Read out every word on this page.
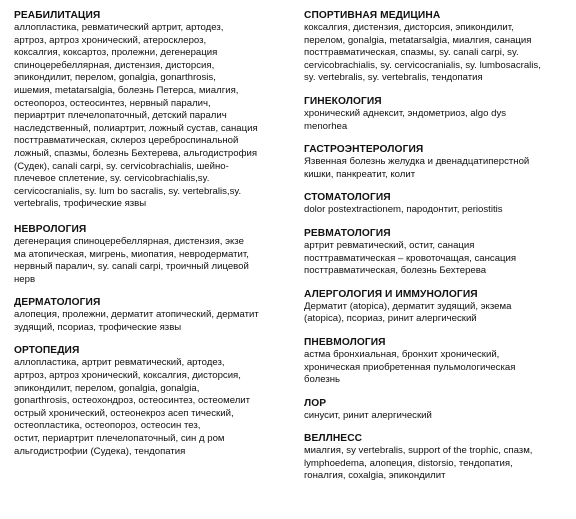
РЕАБИЛИТАЦИЯ

аллопластика, ревматический артрит, артодез,
артроз, артроз хронический, атеросклероз,
коксалгия, коксартоз, пролежни, дегенерация
спиноцеребеллярная, дистензия, дисторсия,
эпикондилит, перелом, gonalgia, gonarthrosis,
ишемия, metatarsalgia, болезнь Петерса, миалгия,
остеопороз, остеосинтез, нервный паралич,
периартрит плечелопаточный, детский паралич
наследственный, полиартрит, ложный сустав, санация
посттравматическая, склероз цереброспинальной
ложный, спазмы, болезнь Бехтерева, альгодистрофия
(Судек), canali carpi, sy. cervicobrachialis, шейно-
плечевое сплетение, sy. cervicobrachialis,sy.
cervicocranialis, sy. lum bo sacralis, sy. vertebralis,sy.
vertebralis, трофические язвы

НЕВРОЛОГИЯ

дегенерация спиноцеребеллярная, дистензия, экзе
ма атопическая, мигрень, миопатия, невродерматит,
нервный паралич, sy. canali carpi, троичный лицевой
нерв

ДЕРМАТОЛОГИЯ

алопеция, пролежни, дерматит атопический, дерматит
зудящий, псориаз, трофические язвы

ОРТОПЕДИЯ

аллопластика, артрит ревматический, артодез,
артроз, артроз хронический, коксалгия, дисторсия,
эпикондилит, перелом, gonalgia, gonalgia,
gonarthrosis, остеохондроз, остеосинтез, остеомелит
острый хронический, остеонекроз асеп тический,
остеопластика, остеопороз, остеосин тез,
остит, периартрит плечелопаточный, син д ром
альгодистрофии (Судека), тендопатия

СПОРТИВНАЯ МЕДИЦИНА

коксалгия, дистензия, дисторсия, эпикондилит,
перелом, gonalgia, metatarsalgia, миалгия, санация
посттравматическая, спазмы, sy. canali carpi, sy.
cervicobrachialis, sy. cervicocranialis, sy. lumbosacralis,
sy. vertebralis, sy. vertebralis, тендопатия

ГИНЕКОЛОГИЯ

хронический аднексит, эндометриоз, algo dys
menorhea

ГАСТРОЭНТЕРОЛОГИЯ

Язвенная болезнь желудка и двенадцатиперстной
кишки, панкреатит, колит

СТОМАТОЛОГИЯ

dolor postextractionem, пародонтит, periostitis

РЕВМАТОЛОГИЯ

артрит ревматический, остит, санация
посттравматическая – кровоточащая, сансация
посттравматическая, болезнь Бехтерева

АЛЕРГОЛОГИЯ И ИММУНОЛОГИЯ

Дерматит (atopica), дерматит зудящий, экзема
(atopica), псориаз, ринит алергический

ПНЕВМОЛОГИЯ

астма бронхиальная, бронхит хронический,
хроническая приобретенная пульмологическая
болезнь

ЛОР

синусит, ринит алергический

ВЕЛЛНЕСС

миалгия, sy vertebralis, support of the trophic, спазм,
lymphoedema, алопеция, distorsio, тендопатия,
гоналгия, coxalgia, эпикондилит
